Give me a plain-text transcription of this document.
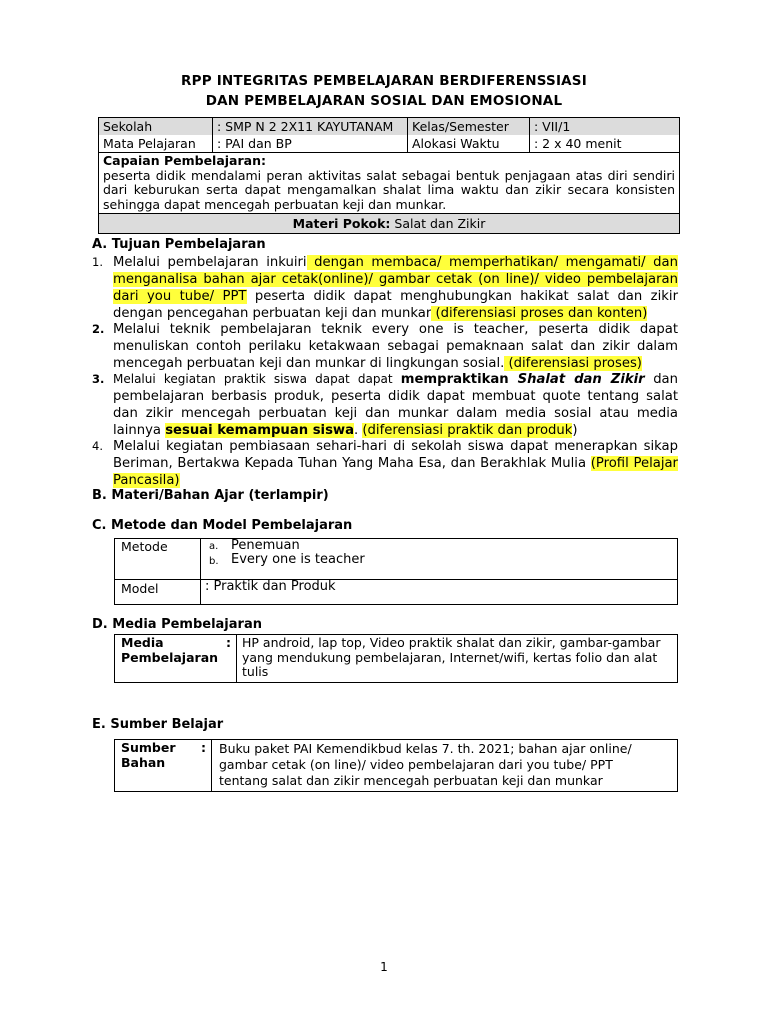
RPP INTEGRITAS PEMBELAJARAN BERDIFERENSSIASI
DAN PEMBELAJARAN SOSIAL DAN EMOSIONAL
Sekolah	: SMP N 2 2X11 KAYUTANAM	Kelas/Semester	: VII/1
Mata Pelajaran	: PAI dan BP	Alokasi Waktu	: 2 x 40 menit
Capaian Pembelajaran:
peserta didik mendalami peran aktivitas salat sebagai bentuk penjagaan atas diri sendiri dari keburukan serta dapat mengamalkan shalat lima waktu dan zikir secara konsisten sehingga dapat mencegah perbuatan keji dan munkar.
Materi Pokok: Salat dan Zikir
A. Tujuan Pembelajaran
1. Melalui pembelajaran inkuiri dengan membaca/ memperhatikan/ mengamati/ dan menganalisa bahan ajar cetak(online)/ gambar cetak (on line)/ video pembelajaran dari you tube/ PPT peserta didik dapat menghubungkan hakikat salat dan zikir dengan pencegahan perbuatan keji dan munkar (diferensiasi proses dan konten)
2. Melalui teknik pembelajaran teknik every one is teacher, peserta didik dapat menuliskan contoh perilaku ketakwaan sebagai pemaknaan salat dan zikir dalam mencegah perbuatan keji dan munkar di lingkungan sosial. (diferensiasi proses)
3. Melalui kegiatan praktik siswa dapat dapat mempraktikan Shalat dan Zikir dan pembelajaran berbasis produk, peserta didik dapat membuat quote tentang salat dan zikir mencegah perbuatan keji dan munkar dalam media sosial atau media lainnya sesuai kemampuan siswa. (diferensiasi praktik dan produk)
4. Melalui kegiatan pembiasaan sehari-hari di sekolah siswa dapat menerapkan sikap Beriman, Bertakwa Kepada Tuhan Yang Maha Esa, dan Berakhlak Mulia (Profil Pelajar Pancasila)
B. Materi/Bahan Ajar (terlampir)
C. Metode dan Model Pembelajaran
Metode	a. Penemuan
b. Every one is teacher
Model	: Praktik dan Produk
D. Media Pembelajaran
Media
Pembelajaran
: HP android, lap top, Video praktik shalat dan zikir, gambar-gambar yang mendukung pembelajaran, Internet/wifi, kertas folio dan alat tulis
E. Sumber Belajar
Sumber
Bahan
: Buku paket PAI Kemendikbud kelas 7. th. 2021; bahan ajar online/ gambar cetak (on line)/ video pembelajaran dari you tube/ PPT tentang salat dan zikir mencegah perbuatan keji dan munkar
1
